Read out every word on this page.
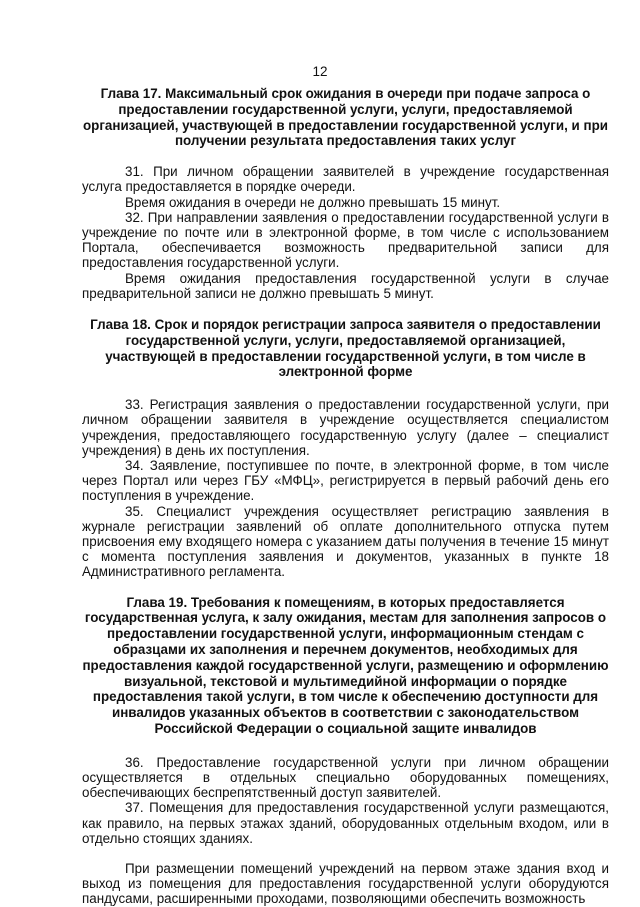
12

Глава 17. Максимальный срок ожидания в очереди при подаче запроса о предоставлении государственной услуги, услуги, предоставляемой организацией, участвующей в предоставлении государственной услуги, и при получении результата предоставления таких услуг

31. При личном обращении заявителей в учреждение государственная услуга предоставляется в порядке очереди.

Время ожидания в очереди не должно превышать 15 минут.

32. При направлении заявления о предоставлении государственной услуги в учреждение по почте или в электронной форме, в том числе с использованием Портала, обеспечивается возможность предварительной записи для предоставления государственной услуги.

Время ожидания предоставления государственной услуги в случае предварительной записи не должно превышать 5 минут.

Глава 18. Срок и порядок регистрации запроса заявителя о предоставлении государственной услуги, услуги, предоставляемой организацией, участвующей в предоставлении государственной услуги, в том числе в электронной форме

33. Регистрация заявления о предоставлении государственной услуги, при личном обращении заявителя в учреждение осуществляется специалистом учреждения, предоставляющего государственную услугу (далее – специалист учреждения) в день их поступления.

34. Заявление, поступившее по почте, в электронной форме, в том числе через Портал или через ГБУ «МФЦ», регистрируется в первый рабочий день его поступления в учреждение.

35. Специалист учреждения осуществляет регистрацию заявления в журнале регистрации заявлений об оплате дополнительного отпуска путем присвоения ему входящего номера с указанием даты получения в течение 15 минут с момента поступления заявления и документов, указанных в пункте 18 Административного регламента.

Глава 19. Требования к помещениям, в которых предоставляется государственная услуга, к залу ожидания, местам для заполнения запросов о предоставлении государственной услуги, информационным стендам с образцами их заполнения и перечнем документов, необходимых для предоставления каждой государственной услуги, размещению и оформлению визуальной, текстовой и мультимедийной информации о порядке предоставления такой услуги, в том числе к обеспечению доступности для инвалидов указанных объектов в соответствии с законодательством Российской Федерации о социальной защите инвалидов

36. Предоставление государственной услуги при личном обращении осуществляется в отдельных специально оборудованных помещениях, обеспечивающих беспрепятственный доступ заявителей.

37. Помещения для предоставления государственной услуги размещаются, как правило, на первых этажах зданий, оборудованных отдельным входом, или в отдельно стоящих зданиях.

При размещении помещений учреждений на первом этаже здания вход и выход из помещения для предоставления государственной услуги оборудуются пандусами, расширенными проходами, позволяющими обеспечить возможность
